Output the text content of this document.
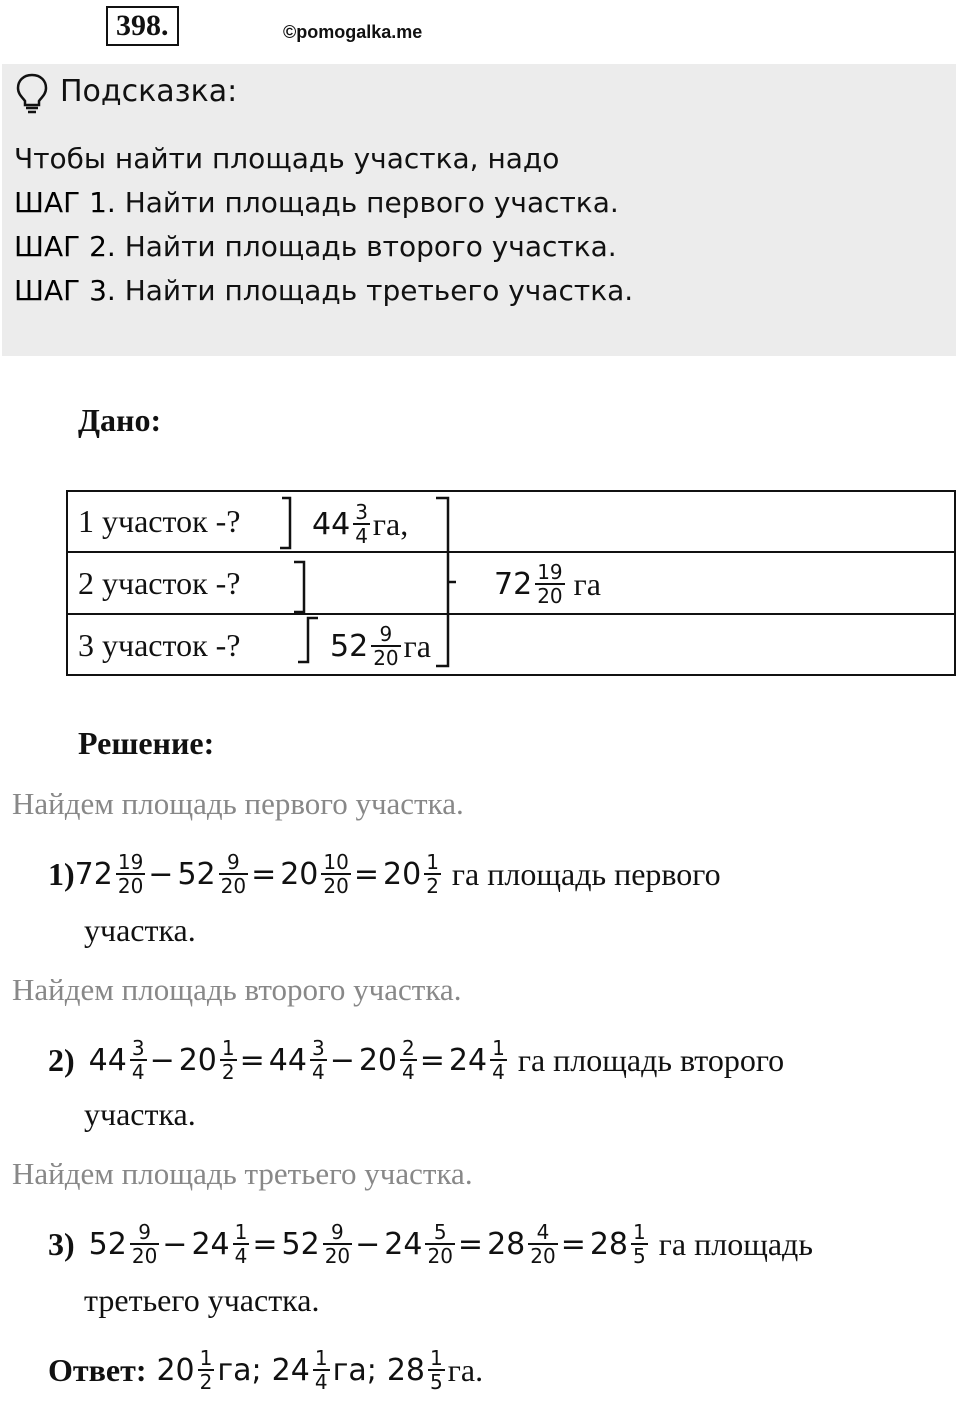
398.	©pomogalka.me
Подсказка:
Чтобы найти площадь участка, надо
ШАГ 1. Найти площадь первого участка.
ШАГ 2. Найти площадь второго участка.
ШАГ 3. Найти площадь третьего участка.
Дано:
1 участок -?
2 участок -?
3 участок -?
$44 \frac{3}{4}$ га,
$52 \frac{9}{20}$ га
$72 \frac{19}{20}$ га
Решение:
Найдем площадь первого участка.
1) $72 \frac{19}{20}$ −
$52 \frac{9}{20}$ =
$20 \frac{10}{20}$ =
$20 \frac{1}{2}$ га площадь первого
участка.
Найдем площадь второго участка.
2) $44 \frac{3}{4}$ −
$20 \frac{1}{2}$ =
$44 \frac{3}{4}$ −
$20 \frac{2}{4}$ =
$24 \frac{1}{4}$ га площадь второго
участка.
Найдем площадь третьего участка.
3) $52 \frac{9}{20}$ −
$24 \frac{1}{4}$ =
$52 \frac{9}{20}$ −
$24 \frac{5}{20}$ =
$28 \frac{4}{20}$ =
$28 \frac{1}{5}$ га площадь
третьего участка.
Ответ: $20 \frac{1}{2}$ га; $24 \frac{1}{4}$ га; $28 \frac{1}{5}$ га.
